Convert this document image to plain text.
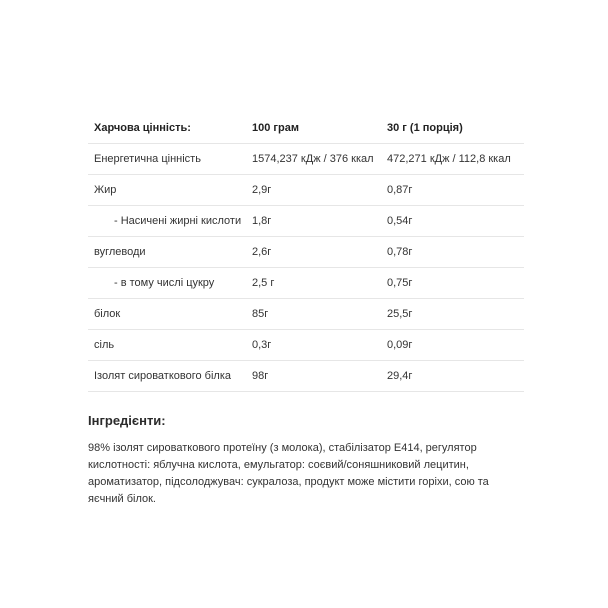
Харчова цінність:	100 грам	30 г (1 порція)
Енергетична цінність	1574,237 кДж / 376 ккал	472,271 кДж / 112,8 ккал
Жир	2,9г	0,87г
- Насичені жирні кислоти	1,8г	0,54г
вуглеводи	2,6г	0,78г
- в тому числі цукру	2,5 г	0,75г
білок	85г	25,5г
сіль	0,3г	0,09г
Ізолят сироваткового білка	98г	29,4г
Інгредієнти:

98% ізолят сироваткового протеїну (з молока), стабілізатор Е414, регулятор кислотності: яблучна кислота, емульгатор: соєвий/соняшниковий лецитин, ароматизатор, підсолоджувач: сукралоза, продукт може містити горіхи, сою та яєчний білок.
